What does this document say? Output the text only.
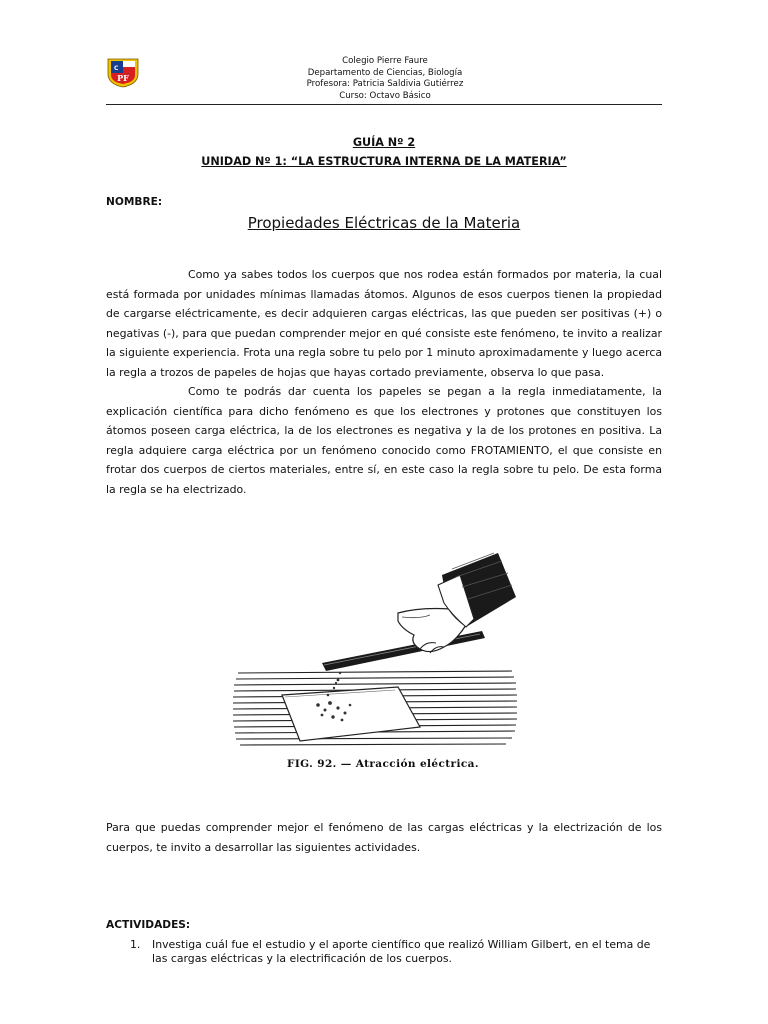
PF
C
Colegio Pierre Faure
Departamento de Ciencias, Biología
Profesora: Patricia Saldivia Gutiérrez
Curso: Octavo Básico
GUÍA Nº 2
UNIDAD Nº 1: “LA ESTRUCTURA INTERNA DE LA MATERIA”
NOMBRE:
Propiedades Eléctricas de la Materia

Como ya sabes todos los cuerpos que nos rodea están formados por materia, la cual está formada por unidades mínimas llamadas átomos. Algunos de esos cuerpos tienen la propiedad de cargarse eléctricamente, es decir adquieren cargas eléctricas, las que pueden ser positivas (+) o negativas (-), para que puedan comprender mejor en qué consiste este fenómeno, te invito a realizar la siguiente experiencia. Frota una regla sobre tu pelo por 1 minuto aproximadamente y luego acerca la regla a trozos de papeles de hojas que hayas cortado previamente, observa lo que pasa.

Como te podrás dar cuenta los papeles se pegan a la regla inmediatamente, la explicación científica para dicho fenómeno es que los electrones y protones que constituyen los átomos poseen carga eléctrica, la de los electrones es negativa y la de los protones en positiva. La regla adquiere carga eléctrica por un fenómeno conocido como FROTAMIENTO, el que consiste en frotar dos cuerpos de ciertos materiales, entre sí, en este caso la regla sobre tu pelo. De esta forma la regla se ha electrizado.

FIG. 92. — Atracción eléctrica.
Para que puedas comprender mejor el fenómeno de las cargas eléctricas y la electrización de los cuerpos, te invito a desarrollar las siguientes actividades.
ACTIVIDADES:
1.	Investiga cuál fue el estudio y el aporte científico que realizó William Gilbert, en el tema de las cargas eléctricas y la electrificación de los cuerpos.
